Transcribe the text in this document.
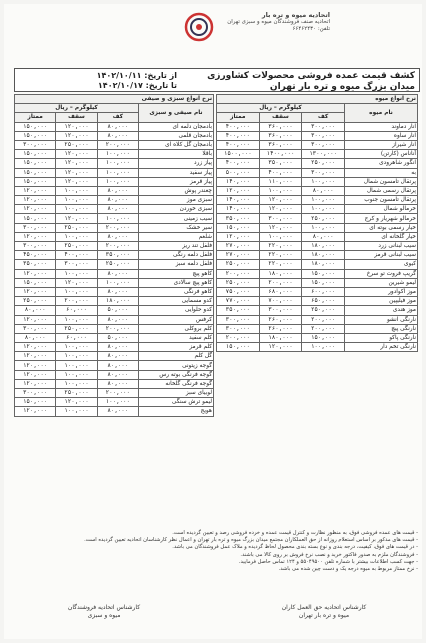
اتحادیه میوه و تره بار
اتحادیه صنف فروشندگان میوه و سبزی تهران
تلفن: ۶۶۴۶۲۴۳۰
کشف قیمت عمده فروشی محصولات کشاورزی
میدان بزرگ میوه و تره بار تهران
از تاریخ: ۱۴۰۲/۱۰/۱۱
تا تاریخ: ۱۴۰۲/۱۰/۱۷
نرخ انواع میوه			
کیلوگرم – ریال			نام میوه
ممتاز	سقف	کف	
۴۰۰,۰۰۰	۳۶۰,۰۰۰	۳۰۰,۰۰۰	انار دماوند
۴۰۰,۰۰۰	۳۶۰,۰۰۰	۳۰۰,۰۰۰	انار ساوه
۴۰۰,۰۰۰	۳۶۰,۰۰۰	۳۰۰,۰۰۰	انار شیراز
۱۵۰۰,۰۰۰	۱۴۰۰,۰۰۰	۱۳۰۰,۰۰۰	آناناس (کارتن)
۴۰۰,۰۰۰	۳۵۰,۰۰۰	۲۵۰,۰۰۰	انگور شاهرودی
۵۰۰,۰۰۰	۴۰۰,۰۰۰	۳۰۰,۰۰۰	به
۱۴۰,۰۰۰	۱۱۰,۰۰۰	۱۰۰,۰۰۰	پرتقال تامسون شمال
۱۲۰,۰۰۰	۱۰۰,۰۰۰	۸۰,۰۰۰	پرتقال رسمی شمال
۱۴۰,۰۰۰	۱۲۰,۰۰۰	۱۰۰,۰۰۰	پرتقال تامسون جنوب
۱۴۰,۰۰۰	۱۲۰,۰۰۰	۱۰۰,۰۰۰	خرمالو شمال
۳۵۰,۰۰۰	۳۰۰,۰۰۰	۲۵۰,۰۰۰	خرمالو شهریار و کرج
۱۵۰,۰۰۰	۱۲۰,۰۰۰	۱۰۰,۰۰۰	خیار رسمی بوته ای
۱۲۰,۰۰۰	۱۰۰,۰۰۰	۸۰,۰۰۰	خیار گلخانه ای
۲۷۰,۰۰۰	۲۲۰,۰۰۰	۱۸۰,۰۰۰	سیب لبنانی زرد
۲۷۰,۰۰۰	۲۲۰,۰۰۰	۱۸۰,۰۰۰	سیب لبنانی قرمز
۲۵۰,۰۰۰	۲۲۰,۰۰۰	۱۸۰,۰۰۰	کیوی
۲۰۰,۰۰۰	۱۸۰,۰۰۰	۱۵۰,۰۰۰	گریپ فروت تو سرخ
۲۵۰,۰۰۰	۲۰۰,۰۰۰	۱۵۰,۰۰۰	لیمو شیرین
۷۵۰,۰۰۰	۶۸۰,۰۰۰	۶۰۰,۰۰۰	موز اکوادور
۷۷۰,۰۰۰	۷۰۰,۰۰۰	۶۵۰,۰۰۰	موز فیلیپین
۳۵۰,۰۰۰	۳۰۰,۰۰۰	۲۵۰,۰۰۰	موز هندی
۳۰۰,۰۰۰	۲۶۰,۰۰۰	۲۰۰,۰۰۰	نارنگی انشو
۳۰۰,۰۰۰	۲۶۰,۰۰۰	۲۰۰,۰۰۰	نارنگی پیچ
۲۰۰,۰۰۰	۱۸۰,۰۰۰	۱۵۰,۰۰۰	نارنگی پاکو
۱۵۰,۰۰۰	۱۲۰,۰۰۰	۱۰۰,۰۰۰	نارنگی تخم دار
نرخ انواع سبزی و صیفی			
کیلوگرم – ریال			نام صیفی و سبزی
ممتاز	سقف	کف	
۱۵۰,۰۰۰	۱۲۰,۰۰۰	۸۰,۰۰۰	بادمجان دلمه ای
۱۵۰,۰۰۰	۱۲۰,۰۰۰	۸۰,۰۰۰	بادمجان قلمی
۳۰۰,۰۰۰	۲۵۰,۰۰۰	۲۰۰,۰۰۰	بادمجان گل کلاه ای
۱۵۰,۰۰۰	۱۲۰,۰۰۰	۱۰۰,۰۰۰	باقلا
۱۵۰,۰۰۰	۱۲۰,۰۰۰	۱۰۰,۰۰۰	پیاز زرد
۱۵۰,۰۰۰	۱۲۰,۰۰۰	۱۰۰,۰۰۰	پیاز سفید
۱۵۰,۰۰۰	۱۲۰,۰۰۰	۱۰۰,۰۰۰	پیاز قرمز
۱۲۰,۰۰۰	۱۰۰,۰۰۰	۸۰,۰۰۰	چغندر پوش
۱۲۰,۰۰۰	۱۰۰,۰۰۰	۸۰,۰۰۰	سبزی موز
۱۲۰,۰۰۰	۱۰۰,۰۰۰	۸۰,۰۰۰	سبزی خوردن
۱۵۰,۰۰۰	۱۲۰,۰۰۰	۱۰۰,۰۰۰	سیب زمینی
۳۰۰,۰۰۰	۲۵۰,۰۰۰	۲۰۰,۰۰۰	سیر خشک
۱۲۰,۰۰۰	۱۰۰,۰۰۰	۸۰,۰۰۰	شلغم
۳۰۰,۰۰۰	۲۵۰,۰۰۰	۲۰۰,۰۰۰	فلفل تند ریز
۴۵۰,۰۰۰	۴۰۰,۰۰۰	۳۵۰,۰۰۰	فلفل دلمه رنگی
۳۵۰,۰۰۰	۳۰۰,۰۰۰	۲۵۰,۰۰۰	فلفل دلمه سبز
۱۲۰,۰۰۰	۱۰۰,۰۰۰	۸۰,۰۰۰	کاهو پیچ
۱۵۰,۰۰۰	۱۲۰,۰۰۰	۱۰۰,۰۰۰	کاهو پیچ سالادی
۱۲۰,۰۰۰	۱۰۰,۰۰۰	۸۰,۰۰۰	کاهو فرنگی
۲۵۰,۰۰۰	۲۰۰,۰۰۰	۱۸۰,۰۰۰	کدو مسمایی
۸۰,۰۰۰	۶۰,۰۰۰	۵۰,۰۰۰	کدو حلوایی
۱۲۰,۰۰۰	۱۰۰,۰۰۰	۸۰,۰۰۰	کرفس
۳۰۰,۰۰۰	۲۵۰,۰۰۰	۲۰۰,۰۰۰	کلم بروکلی
۸۰,۰۰۰	۶۰,۰۰۰	۵۰,۰۰۰	کلم سفید
۱۲۰,۰۰۰	۱۰۰,۰۰۰	۸۰,۰۰۰	کلم قرمز
۱۲۰,۰۰۰	۱۰۰,۰۰۰	۸۰,۰۰۰	گل کلم
۱۲۰,۰۰۰	۱۰۰,۰۰۰	۸۰,۰۰۰	گوجه زیتونی
۱۲۰,۰۰۰	۱۰۰,۰۰۰	۸۰,۰۰۰	گوجه فرنگی بوته رس
۱۲۰,۰۰۰	۱۰۰,۰۰۰	۸۰,۰۰۰	گوجه فرنگی گلخانه
۳۰۰,۰۰۰	۲۵۰,۰۰۰	۲۰۰,۰۰۰	لوبیای سبز
۱۵۰,۰۰۰	۱۲۰,۰۰۰	۱۰۰,۰۰۰	لیمو ترش سنگی
۱۲۰,۰۰۰	۱۰۰,۰۰۰	۸۰,۰۰۰	هویج
- قیمت های عمده فروشی فوق، به منظور نظارت و کنترل قیمت عمده و خرده فروشی رصد و تعیین گردیده است.
- قیمت های مذکور بر اساس استعلام روزانه از حق العملکاران مجتمع میدان بزرگ میوه و تره بار تهران و اعمال نظر کارشناسان اتحادیه تعیین گردیده است.
- در قیمت های فوق، کیفیت، درجه بندی و نوع بسته بندی محصول لحاظ گردیده و ملاک عمل فروشندگان می باشد.
- فروشندگان ملزم به صدور فاکتور خرید و نصب نرخ فروش بر روی کالا می باشند.
- جهت کسب اطلاعات بیشتر با شماره تلفن ۵۵۰۴۹۵۰۰ و ۱۲۴ تماس حاصل فرمایید.
- نرخ ممتاز مربوط به میوه درجه یک و دست چین شده می باشد.
کارشناس اتحادیه فروشندگان
میوه و سبزی
کارشناس اتحادیه حق العمل کاران
میوه و تره بار تهران
